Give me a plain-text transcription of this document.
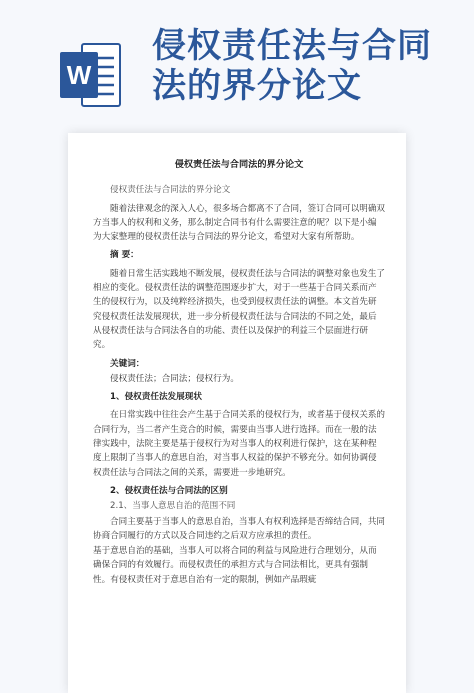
W
侵权责任法与合同法的界分论文
侵权责任法与合同法的界分论文

侵权责任法与合同法的界分论文

随着法律观念的深入人心，很多场合都离不了合同，签订合同可以明确双方当事人的权利和义务，那么制定合同书有什么需要注意的呢？以下是小编为大家整理的侵权责任法与合同法的界分论文，希望对大家有所帮助。

摘 要：

随着日常生活实践地不断发展，侵权责任法与合同法的调整对象也发生了相应的变化。侵权责任法的调整范围逐步扩大，对于一些基于合同关系而产生的侵权行为，以及纯粹经济损失，也受到侵权责任法的调整。本文首先研究侵权责任法发展现状，进一步分析侵权责任法与合同法的不同之处，最后从侵权责任法与合同法各自的功能、责任以及保护的利益三个层面进行研究。

关键词：

侵权责任法；合同法；侵权行为。

1、侵权责任法发展现状

在日常实践中往往会产生基于合同关系的侵权行为，或者基于侵权关系的合同行为，当二者产生竞合的时候，需要由当事人进行选择。而在一般的法律实践中，法院主要是基于侵权行为对当事人的权利进行保护，这在某种程度上限制了当事人的意思自治，对当事人权益的保护不够充分。如何协调侵权责任法与合同法之间的关系，需要进一步地研究。

2、侵权责任法与合同法的区别

2.1、当事人意思自治的范围不同

合同主要基于当事人的意思自治，当事人有权利选择是否缔结合同，共同协商合同履行的方式以及合同违约之后双方应承担的责任。

基于意思自治的基础，当事人可以将合同的利益与风险进行合理划分，从而确保合同的有效履行。而侵权责任的承担方式与合同法相比，更具有强制性。有侵权责任对于意思自治有一定的限制，例如产品瑕疵
